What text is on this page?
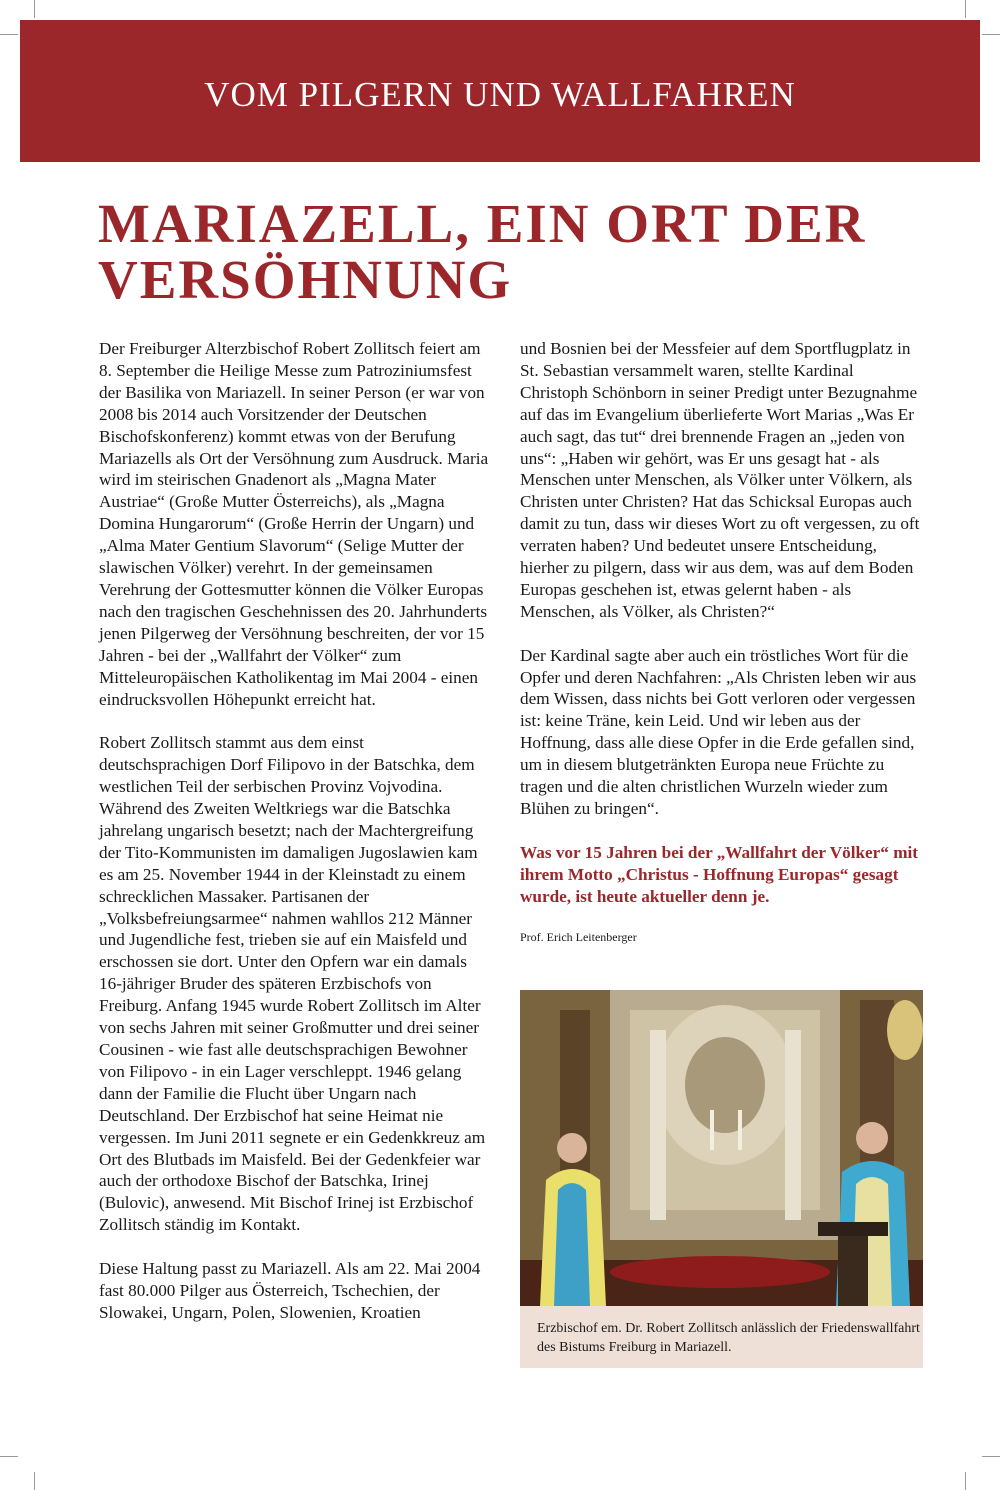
VOM PILGERN UND WALLFAHREN
MARIAZELL, EIN ORT DER VERSÖHNUNG

Der Freiburger Alterzbischof Robert Zollitsch feiert am 8. September die Heilige Messe zum Patroziniumsfest der Basilika von Mariazell. In seiner Person (er war von 2008 bis 2014 auch Vorsitzender der Deutschen Bischofskonferenz) kommt etwas von der Berufung Mariazells als Ort der Versöhnung zum Ausdruck. Maria wird im steirischen Gnadenort als „Magna Mater Austriae“ (Große Mutter Österreichs), als „Magna Domina Hungarorum“ (Große Herrin der Ungarn) und „Alma Mater Gentium Slavorum“ (Selige Mutter der slawischen Völker) verehrt. In der gemeinsamen Verehrung der Gottesmutter können die Völker Europas nach den tragischen Geschehnissen des 20. Jahrhunderts jenen Pilgerweg der Versöhnung beschreiten, der vor 15 Jahren - bei der „Wallfahrt der Völker“ zum Mitteleuropäischen Katholikentag im Mai 2004 - einen eindrucksvollen Höhepunkt erreicht hat.

Robert Zollitsch stammt aus dem einst deutschsprachigen Dorf Filipovo in der Batschka, dem westlichen Teil der serbischen Provinz Vojvodina. Während des Zweiten Weltkriegs war die Batschka jahrelang ungarisch besetzt; nach der Machtergreifung der Tito-Kommunisten im damaligen Jugoslawien kam es am 25. November 1944 in der Kleinstadt zu einem schrecklichen Massaker. Partisanen der „Volksbefreiungsarmee“ nahmen wahllos 212 Männer und Jugendliche fest, trieben sie auf ein Maisfeld und erschossen sie dort. Unter den Opfern war ein damals 16-jähriger Bruder des späteren Erzbischofs von Freiburg. Anfang 1945 wurde Robert Zollitsch im Alter von sechs Jahren mit seiner Großmutter und drei seiner Cousinen - wie fast alle deutschsprachigen Bewohner von Filipovo - in ein Lager verschleppt. 1946 gelang dann der Familie die Flucht über Ungarn nach Deutschland. Der Erzbischof hat seine Heimat nie vergessen. Im Juni 2011 segnete er ein Gedenkkreuz am Ort des Blutbads im Maisfeld. Bei der Gedenkfeier war auch der orthodoxe Bischof der Batschka, Irinej (Bulovic), anwesend. Mit Bischof Irinej ist Erzbischof Zollitsch ständig im Kontakt.

Diese Haltung passt zu Mariazell. Als am 22. Mai 2004 fast 80.000 Pilger aus Österreich, Tschechien, der Slowakei, Ungarn, Polen, Slowenien, Kroatien

und Bosnien bei der Messfeier auf dem Sportflugplatz in St. Sebastian versammelt waren, stellte Kardinal Christoph Schönborn in seiner Predigt unter Bezugnahme auf das im Evangelium überlieferte Wort Marias „Was Er auch sagt, das tut“ drei brennende Fragen an „jeden von uns“: „Haben wir gehört, was Er uns gesagt hat - als Menschen unter Menschen, als Völker unter Völkern, als Christen unter Christen? Hat das Schicksal Europas auch damit zu tun, dass wir dieses Wort zu oft vergessen, zu oft verraten haben? Und bedeutet unsere Entscheidung, hierher zu pilgern, dass wir aus dem, was auf dem Boden Europas geschehen ist, etwas gelernt haben - als Menschen, als Völker, als Christen?“

Der Kardinal sagte aber auch ein tröstliches Wort für die Opfer und deren Nachfahren: „Als Christen leben wir aus dem Wissen, dass nichts bei Gott verloren oder vergessen ist: keine Träne, kein Leid. Und wir leben aus der Hoffnung, dass alle diese Opfer in die Erde gefallen sind, um in diesem blutgetränkten Europa neue Früchte zu tragen und die alten christlichen Wurzeln wieder zum Blühen zu bringen“.

Was vor 15 Jahren bei der „Wallfahrt der Völker“ mit ihrem Motto „Christus - Hoffnung Europas“ gesagt wurde, ist heute aktueller denn je.

Prof. Erich Leitenberger

Erzbischof em. Dr. Robert Zollitsch anlässlich der Friedenswallfahrt des Bistums Freiburg in Mariazell.
